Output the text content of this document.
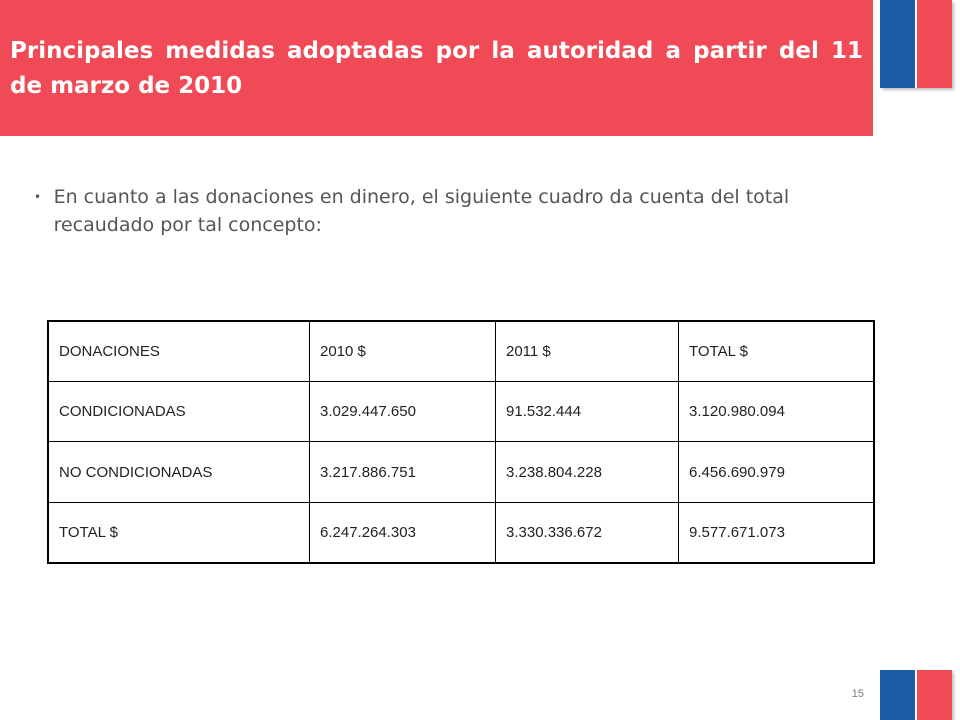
Principales medidas adoptadas por la autoridad a partir del 11 de marzo de 2010

• En cuanto a las donaciones en dinero, el siguiente cuadro da cuenta del total recaudado por tal concepto:

DONACIONES	2010 $	2011 $	TOTAL $
CONDICIONADAS	3.029.447.650	91.532.444	3.120.980.094
NO CONDICIONADAS	3.217.886.751	3.238.804.228	6.456.690.979
TOTAL $	6.247.264.303	3.330.336.672	9.577.671.073
15
